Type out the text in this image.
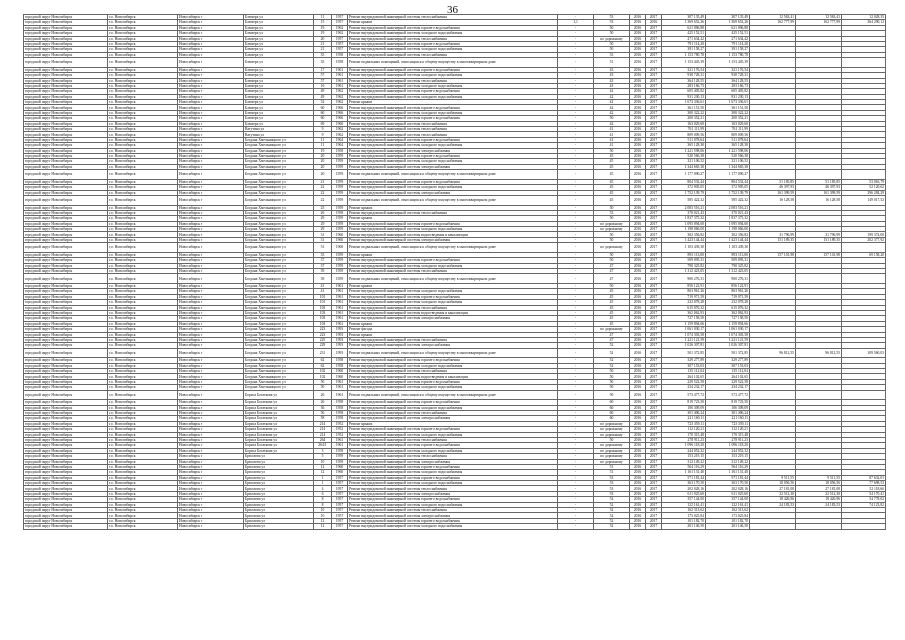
36
городской округ Новосибирск	г.о. Новосибирск	Новосибирск г	Блюхера ул	11	1957	Ремонт внутридомовой инженерной системы теплоснабжения	-	53	2016	2017	307 135,49	307 135,49	12 563,41	12 563,41	12 028,35
городской округ Новосибирск	г.о. Новосибирск	Новосибирск г	Блюхера ул	15	1957	Ремонт крыши	1,1	53	2016	2016	1 369 652,26	1 369 652,26	162 777,99	162 777,99	364 290,12
городской округ Новосибирск	г.о. Новосибирск	Новосибирск г	Блюхера ул	19	1962	Ремонт внутридомовой инженерной системы горячего водоснабжения	-	50	2016	2017	621 096,88	621 096,88			
городской округ Новосибирск	г.о. Новосибирск	Новосибирск г	Блюхера ул	19	1962	Ремонт внутридомовой инженерной системы холодного водоснабжения	-	50	2016	2017	425 152,51	425 152,51			
городской округ Новосибирск	г.о. Новосибирск	Новосибирск г	Блюхера ул	20	1957	Ремонт внутридомовой инженерной системы теплоснабжения	-	по дорожному	2016	2017	271 634,42	271 634,42			
городской округ Новосибирск	г.о. Новосибирск	Новосибирск г	Блюхера ул	21	1957	Ремонт внутридомовой инженерной системы горячего водоснабжения	-	50	2016	2017	791 114,20	791 114,20			
городской округ Новосибирск	г.о. Новосибирск	Новосибирск г	Блюхера ул	21	1957	Ремонт внутридомовой инженерной системы холодного водоснабжения	-	50	2016	2017	391 158,27	391 158,27			
городской округ Новосибирск	г.о. Новосибирск	Новосибирск г	Блюхера ул	35	1958	Ремонт внутридомовой инженерной системы теплоснабжения	-	53	2016	2017	1 153 780,78	1 153 780,78			
городской округ Новосибирск	г.о. Новосибирск	Новосибирск г	Блюхера ул	35	1958	Ремонт подвальных помещений, относящихся к общему имуществу в многоквартирном доме	-	51	2016	2017	1 153 445,39	1 153 445,39			
городской округ Новосибирск	г.о. Новосибирск	Новосибирск г	Блюхера ул	17	1961	Ремонт внутридомовой инженерной системы горячего водоснабжения	-	43	2016	2017	321 176,54	321 176,54			
городской округ Новосибирск	г.о. Новосибирск	Новосибирск г	Блюхера ул	57	1961	Ремонт внутридомовой инженерной системы холодного водоснабжения	-	43	2016	2017	938 728,31	938 728,31			
городской округ Новосибирск	г.о. Новосибирск	Новосибирск г	Блюхера ул	57	1961	Ремонт внутридомовой инженерной системы теплоснабжения	-	43	2016	2017	364 128,55	364 128,55			
городской округ Новосибирск	г.о. Новосибирск	Новосибирск г	Блюхера ул	16	1961	Ремонт внутридомовой инженерной системы холодного водоснабжения	-	43	2016	2017	283 166,73	283 166,73			
городской округ Новосибирск	г.о. Новосибирск	Новосибирск г	Блюхера ул	49	1962	Ремонт внутридомовой инженерной системы горячего водоснабжения	-	42	2016	2017	605 405,82	605 405,82			
городской округ Новосибирск	г.о. Новосибирск	Новосибирск г	Блюхера ул	49	1962	Ремонт внутридомовой инженерной системы холодного водоснабжения	-	42	2016	2017	931 230,13	931 230,13			
городской округ Новосибирск	г.о. Новосибирск	Новосибирск г	Блюхера ул	52	1962	Ремонт крыши	-	42	2016	2017	1 673 336,61	1 673 336,61			
городской округ Новосибирск	г.о. Новосибирск	Новосибирск г	Блюхера ул	60	1966	Ремонт внутридомовой инженерной системы горячего водоснабжения	-	42	2016	2017	361 151,50	361 151,50			
городской округ Новосибирск	г.о. Новосибирск	Новосибирск г	Блюхера ул	60	1966	Ремонт внутридомовой инженерной системы холодного водоснабжения	-	42	2016	2017	300 322,22	300 322,22			
городской округ Новосибирск	г.о. Новосибирск	Новосибирск г	Блюхера ул	60	1966	Ремонт внутридомовой инженерной системы горячего водоснабжения	-	50	2016	2017	200 352,21	200 352,21			
городской округ Новосибирск	г.о. Новосибирск	Новосибирск г	Блюхера ул	69	1960	Ремонт внутридомовой инженерной системы теплоснабжения	-	42	2016	2017	163 029,60	163 029,60			
городской округ Новосибирск	г.о. Новосибирск	Новосибирск г	Ватутина ул	9	1962	Ремонт внутридомовой инженерной системы теплоснабжения	-	41	2016	2017	761 111,99	761 111,99			
городской округ Новосибирск	г.о. Новосибирск	Новосибирск г	Ватутина ул	9	1962	Ремонт внутридомовой инженерной системы теплоснабжения	-	41	2016	2017	809 009,56	809 009,56			
городской округ Новосибирск	г.о. Новосибирск	Новосибирск г	Богдана Хмельницкого ул	11	1964	Ремонт внутридомовой инженерной системы горячего водоснабжения	-	41	2016	2017	511 078,64	511 078,64			
городской округ Новосибирск	г.о. Новосибирск	Новосибирск г	Богдана Хмельницкого ул	11	1964	Ремонт внутридомовой инженерной системы холодного водоснабжения	-	41	2016	2017	365 128,30	365 128,30			
городской округ Новосибирск	г.о. Новосибирск	Новосибирск г	Богдана Хмельницкого ул	19	1958	Ремонт внутридомовой инженерной системы электроснабжения	-	50	2016	2017	1 221 598,06	1 221 598,06			
городской округ Новосибирск	г.о. Новосибирск	Новосибирск г	Богдана Хмельницкого ул	20	1959	Ремонт внутридомовой инженерной системы горячего водоснабжения	-	45	2016	2017	520 566,38	520 566,38			
городской округ Новосибирск	г.о. Новосибирск	Новосибирск г	Богдана Хмельницкого ул	20	1959	Ремонт внутридомовой инженерной системы холодного водоснабжения	-	45	2016	2017	321 106,52	321 106,52			
городской округ Новосибирск	г.о. Новосибирск	Новосибирск г	Богдана Хмельницкого ул	20	1959	Ремонт внутридомовой инженерной системы электроснабжения	-	45	2016	2017	1 344 665,38	1 344 665,38			
городской округ Новосибирск	г.о. Новосибирск	Новосибирск г	Богдана Хмельницкого ул	20	1959	Ремонт подвальных помещений, относящихся к общему имуществу в многоквартирном доме	-	45	2016	2017	1 177 090,27	1 177 090,27			
городской округ Новосибирск	г.о. Новосибирск	Новосибирск г	Богдана Хмельницкого ул	21	1959	Ремонт внутридомовой инженерной системы горячего водоснабжения	-	45	2016	2017	804 532,44	804 532,44	51 185,85	51 185,85	53 063,79
городской округ Новосибирск	г.о. Новосибирск	Новосибирск г	Богдана Хмельницкого ул	22	1959	Ремонт внутридомовой инженерной системы холодного водоснабжения	-	45	2016	2017	372 905,05	372 905,05	46 397,93	46 397,93	52 120,62
городской округ Новосибирск	г.о. Новосибирск	Новосибирск г	Богдана Хмельницкого ул	22	1959	Ремонт внутридомовой инженерной системы электроснабжения	-	45	2016	2017	1 752 139,79	1 752 139,79	161 399,59	161 399,59	296 284,29
городской округ Новосибирск	г.о. Новосибирск	Новосибирск г	Богдана Хмельницкого ул	22	1959	Ремонт подвальных помещений, относящихся к общему имуществу в многоквартирном доме	-	45	2016	2017	585 422,32	585 422,32	16 128,58	16 128,58	149 017,52
городской округ Новосибирск	г.о. Новосибирск	Новосибирск г	Богдана Хмельницкого ул	25	1959	Ремонт крыши	-	50	2016	2017	2 083 516,21	2 083 516,21			
городской округ Новосибирск	г.о. Новосибирск	Новосибирск г	Богдана Хмельницкого ул	26	1958	Ремонт внутридомовой инженерной системы теплоснабжения	-	53	2016	2017	370 021,43	370 021,43			
городской округ Новосибирск	г.о. Новосибирск	Новосибирск г	Богдана Хмельницкого ул	29	1959	Ремонт крыши	-	50	2016	2017	1 837 375,32	1 837 375,32			
городской округ Новосибирск	г.о. Новосибирск	Новосибирск г	Богдана Хмельницкого ул	29	1959	Ремонт внутридомовой инженерной системы горячего водоснабжения	-	по дорожному	2016	2017	1 095 094,60	1 095 094,60			
городской округ Новосибирск	г.о. Новосибирск	Новосибирск г	Богдана Хмельницкого ул	29	1959	Ремонт внутридомовой инженерной системы холодного водоснабжения	-	по дорожному	2016	2017	1 198 066,00	1 198 066,00			
городской округ Новосибирск	г.о. Новосибирск	Новосибирск г	Богдана Хмельницкого ул	31	1960	Ремонт внутридомовой инженерной системы водоотведения и канализации	-	50	2016	2017	302 356,82	302 356,82	31 796,99	31 796,99	199 374,00
городской округ Новосибирск	г.о. Новосибирск	Новосибирск г	Богдана Хмельницкого ул	31	1960	Ремонт внутридомовой инженерной системы электроснабжения	-	50	2016	2017	1 423 144,44	1 423 144,44	151 189,35	151 189,35	202 377,92
городской округ Новосибирск	г.о. Новосибирск	Новосибирск г	Богдана Хмельницкого ул	31	1960	Ремонт подвальных помещений, относящихся к общему имуществу в многоквартирном доме	-	по дорожному	2016	2017	1 103 439,30	1 103 439,30			
городской округ Новосибирск	г.о. Новосибирск	Новосибирск г	Богдана Хмельницкого ул	35	1959	Ремонт крыши	-	50	2016	2017	893 113,00	893 113,00	157 101,98	157 101,98	69 158,20
городской округ Новосибирск	г.о. Новосибирск	Новосибирск г	Богдана Хмельницкого ул	37	1959	Ремонт внутридомовой инженерной системы горячего водоснабжения	-	50	2016	2017	509 095,31	509 095,31			
городской округ Новосибирск	г.о. Новосибирск	Новосибирск г	Богдана Хмельницкого ул	37	1959	Ремонт внутридомовой инженерной системы холодного водоснабжения	-	47	2016	2017	790 325,82	790 325,82			
городской округ Новосибирск	г.о. Новосибирск	Новосибирск г	Богдана Хмельницкого ул	39	1959	Ремонт внутридомовой инженерной системы теплоснабжения	-	47	2016	2017	1 312 423,05	1 312 423,05			
городской округ Новосибирск	г.о. Новосибирск	Новосибирск г	Богдана Хмельницкого ул	39	1959	Ремонт подвальных помещений, относящихся к общему имуществу в многоквартирном доме	-	47	2016	2017	900 276,31	900 276,31			
городской округ Новосибирск	г.о. Новосибирск	Новосибирск г	Богдана Хмельницкого ул	41	1961	Ремонт крыши	-	50	2016	2017	856 122,91	856 122,91			
городской округ Новосибирск	г.о. Новосибирск	Новосибирск г	Богдана Хмельницкого ул	41	1961	Ремонт внутридомовой инженерной системы холодного водоснабжения	-	45	2016	2017	863 961,26	863 961,26			
городской округ Новосибирск	г.о. Новосибирск	Новосибирск г	Богдана Хмельницкого ул	101	1961	Ремонт внутридомовой инженерной системы горячего водоснабжения	-	45	2016	2017	719 971,59	719 971,59			
городской округ Новосибирск	г.о. Новосибирск	Новосибирск г	Богдана Хмельницкого ул	101	1961	Ремонт внутридомовой инженерной системы холодного водоснабжения	-	45	2016	2017	232 078,28	232 078,28			
городской округ Новосибирск	г.о. Новосибирск	Новосибирск г	Богдана Хмельницкого ул	103	1961	Ремонт внутридомовой инженерной системы теплоснабжения	-	45	2016	2017	615 076,32	615 076,32			
городской округ Новосибирск	г.о. Новосибирск	Новосибирск г	Богдана Хмельницкого ул	103	1961	Ремонт внутридомовой инженерной системы водоотведения и канализации	-	45	2016	2017	362 062,93	362 062,93			
городской округ Новосибирск	г.о. Новосибирск	Новосибирск г	Богдана Хмельницкого ул	103	1961	Ремонт внутридомовой инженерной системы электроснабжения	-	45	2016	2017	727 158,50	727 158,50			
городской округ Новосибирск	г.о. Новосибирск	Новосибирск г	Богдана Хмельницкого ул	103	1961	Ремонт крыши	-	45	2016	2017	1 159 894,66	1 159 894,66			
городской округ Новосибирск	г.о. Новосибирск	Новосибирск г	Богдана Хмельницкого ул	223	1993	Ремонт фасада	-	по дорожному	2016	2017	1 061 030,17	1 061 030,17			
городской округ Новосибирск	г.о. Новосибирск	Новосибирск г	Богдана Хмельницкого ул	223	1993	Ремонт крыши	-	47	2016	2017	1 074 303,58	1 074 303,58			
городской округ Новосибирск	г.о. Новосибирск	Новосибирск г	Богдана Хмельницкого ул	225	1993	Ремонт внутридомовой инженерной системы теплоснабжения	-	47	2016	2017	1 221 121,59	1 221 121,59			
городской округ Новосибирск	г.о. Новосибирск	Новосибирск г	Богдана Хмельницкого ул	229	1993	Ремонт внутридомовой инженерной системы электроснабжения	-	52	2016	2017	1 026 307,81	1 026 307,81			
городской округ Новосибирск	г.о. Новосибирск	Новосибирск г	Богдана Хмельницкого ул	231	1993	Ремонт подвальных помещений, относящихся к общему имуществу в многоквартирном доме	-	52	2016	2017	501 372,85	501 372,85	96 812,55	96 812,55	109 560,03
городской округ Новосибирск	г.о. Новосибирск	Новосибирск г	Богдана Хмельницкого ул	62	1958	Ремонт внутридомовой инженерной системы горячего водоснабжения	-	52	2016	2017	329 277,89	329 277,89			
городской округ Новосибирск	г.о. Новосибирск	Новосибирск г	Богдана Хмельницкого ул	62	1958	Ремонт внутридомовой инженерной системы холодного водоснабжения	-	52	2016	2017	307 153,03	307 153,03			
городской округ Новосибирск	г.о. Новосибирск	Новосибирск г	Богдана Хмельницкого ул	102	1960	Ремонт внутридомовой инженерной системы теплоснабжения	-	50	2016	2017	135 112,04	135 112,04			
городской округ Новосибирск	г.о. Новосибирск	Новосибирск г	Богдана Хмельницкого ул	102	1960	Ремонт внутридомовой инженерной системы водоотведения и канализации	-	50	2016	2017	264 102,65	264 102,65			
городской округ Новосибирск	г.о. Новосибирск	Новосибирск г	Богдана Хмельницкого ул	50	1961	Ремонт внутридомовой инженерной системы горячего водоснабжения	-	50	2016	2017	229 522,58	229 522,58			
городской округ Новосибирск	г.о. Новосибирск	Новосибирск г	Богдана Хмельницкого ул	50	1961	Ремонт внутридомовой инженерной системы холодного водоснабжения	-	50	2016	2017	234 232,17	234 232,17			
городской округ Новосибирск	г.о. Новосибирск	Новосибирск г	Бориса Богаткова ул	26	1961	Ремонт подвальных помещений, относящихся к общему имуществу в многоквартирном доме	-	50	2016	2017	573 477,72	573 477,72			
городской округ Новосибирск	г.о. Новосибирск	Новосибирск г	Бориса Богаткова ул	26	1958	Ремонт внутридомовой инженерной системы горячего водоснабжения	-	60	2016	2017	819 723,50	819 723,50			
городской округ Новосибирск	г.о. Новосибирск	Новосибирск г	Бориса Богаткова ул	36	1958	Ремонт внутридомовой инженерной системы холодного водоснабжения	-	60	2016	2017	106 309,09	106 309,09			
городской округ Новосибирск	г.о. Новосибирск	Новосибирск г	Бориса Богаткова ул	56	1958	Ремонт внутридомовой инженерной системы теплоснабжения	-	60	2016	2017	301 406,24	301 406,24			
городской округ Новосибирск	г.о. Новосибирск	Новосибирск г	Бориса Богаткова ул	58	1958	Ремонт внутридомовой инженерной системы электроснабжения	-	60	2016	2017	221 160,11	221 160,11			
городской округ Новосибирск	г.о. Новосибирск	Новосибирск г	Бориса Богаткова ул	214	1952	Ремонт крыши	-	по дорожному	2016	2017	723 359,11	723 359,11			
городской округ Новосибирск	г.о. Новосибирск	Новосибирск г	Бориса Богаткова ул	214	1952	Ремонт внутридомовой инженерной системы горячего водоснабжения	-	по дорожному	2016	2017	112 120,21	112 120,21			
городской округ Новосибирск	г.о. Новосибирск	Новосибирск г	Бориса Богаткова ул	214	1952	Ремонт внутридомовой инженерной системы холодного водоснабжения	-	по дорожному	2016	2017	170 315,48	170 315,48			
городской округ Новосибирск	г.о. Новосибирск	Новосибирск г	Бориса Богаткова ул	264	1961	Ремонт внутридомовой инженерной системы теплоснабжения	-	50	2016	2017	278 911,23	278 911,23			
городской округ Новосибирск	г.о. Новосибирск	Новосибирск г	Бориса Богаткова ул	264/1	1961	Ремонт внутридомовой инженерной системы горячего водоснабжения	-	по дорожному	2016	2017	1 096 118,20	1 096 118,20			
городской округ Новосибирск	г.о. Новосибирск	Новосибирск г	Бориса Богаткова ул	3	1958	Ремонт внутридомовой инженерной системы холодного водоснабжения	-	по дорожному	2016	2017	244 052,32	244 052,32			
городской округ Новосибирск	г.о. Новосибирск	Новосибирск г	Брюллова ул	5	1959	Ремонт внутридомовой инженерной системы теплоснабжения	-	по дорожному	2016	2017	153 219,15	153 219,15			
городской округ Новосибирск	г.о. Новосибирск	Новосибирск г	Брюллова ул	10	1959	Ремонт внутридомовой инженерной системы электроснабжения	-	по дорожному	2016	2017	312 149,22	312 149,22			
городской округ Новосибирск	г.о. Новосибирск	Новосибирск г	Брюллова ул	12	1960	Ремонт внутридомовой инженерной системы горячего водоснабжения	-	51	2016	2017	564 116,29	564 116,29			
городской округ Новосибирск	г.о. Новосибирск	Новосибирск г	Брюллова ул	12	1960	Ремонт внутридомовой инженерной системы холодного водоснабжения	-	51	2016	2017	1 161 131,40	1 161 131,40			
городской округ Новосибирск	г.о. Новосибирск	Новосибирск г	Брюллова ул	1	1957	Ремонт внутридомовой инженерной системы горячего водоснабжения	-	53	2016	2017	571 181,44	571 181,44	9 511,55	9 511,55	87 632,01
городской округ Новосибирск	г.о. Новосибирск	Новосибирск г	Брюллова ул	1	1957	Ремонт внутридомовой инженерной системы холодного водоснабжения	-	53	2016	2017	363 170,50	363 170,50	18 056,56	18 056,56	77 698,53
городской округ Новосибирск	г.о. Новосибирск	Новосибирск г	Брюллова ул	4	1957	Ремонт внутридомовой инженерной системы теплоснабжения	-	53	2016	2017	202 028,16	202 028,16	27 181,08	27 181,08	52 118,66
городской округ Новосибирск	г.о. Новосибирск	Новосибирск г	Брюллова ул	6	1957	Ремонт внутридомовой инженерной системы электроснабжения	-	53	2016	2017	611 025,60	611 025,60	22 512,30	22 512,30	54 170,41
городской округ Новосибирск	г.о. Новосибирск	Новосибирск г	Брюллова ул	8	1957	Ремонт внутридомовой инженерной системы горячего водоснабжения	-	52	2016	2017	357 144,00	357 144,00	18 426,96	18 426,96	54 778,02
городской округ Новосибирск	г.о. Новосибирск	Новосибирск г	Брюллова ул	8	1957	Ремонт внутридомовой инженерной системы холодного водоснабжения	-	52	2016	2017	122 161,41	122 161,41	24 183,53	24 183,53	74 123,82
городской округ Новосибирск	г.о. Новосибирск	Новосибирск г	Брюллова ул	10	1957	Ремонт внутридомовой инженерной системы теплоснабжения	-	52	2016	2017	162 313,62	162 313,62			
городской округ Новосибирск	г.о. Новосибирск	Новосибирск г	Брюллова ул	10	1957	Ремонт внутридомовой инженерной системы электроснабжения	-	52	2016	2017	173 025,84	173 025,84			
городской округ Новосибирск	г.о. Новосибирск	Новосибирск г	Брюллова ул	12	1957	Ремонт внутридомовой инженерной системы горячего водоснабжения	-	52	2016	2017	101 182,70	101 182,70			
городской округ Новосибирск	г.о. Новосибирск	Новосибирск г	Брюллова ул	12	1957	Ремонт внутридомовой инженерной системы холодного водоснабжения	-	52	2016	2017	201 146,50	201 146,50			
